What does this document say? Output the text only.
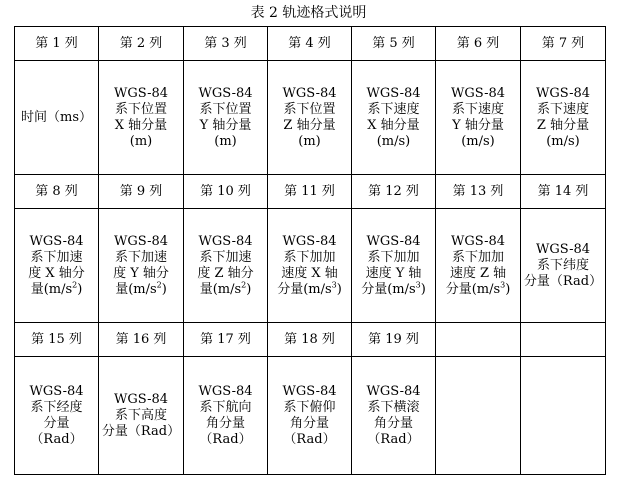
表 2 轨迹格式说明
第 1 列	第 2 列	第 3 列	第 4 列	第 5 列	第 6 列	第 7 列

时间（ms）	WGS-84
系下位置
X 轴分量
(m)	WGS-84
系下位置
Y 轴分量
(m)	WGS-84
系下位置
Z 轴分量
(m)	WGS-84
系下速度
X 轴分量
(m/s)	WGS-84
系下速度
Y 轴分量
(m/s)	WGS-84
系下速度
Z 轴分量
(m/s)

第 8 列	第 9 列	第 10 列	第 11 列	第 12 列	第 13 列	第 14 列

WGS-84
系下加速
度 X 轴分
量$(m/s^2)$	WGS-84
系下加速
度 Y 轴分
量$(m/s^2)$	WGS-84
系下加速
度 Z 轴分
量$(m/s^2)$	WGS-84
系下加加
速度 X 轴
分量$(m/s^3)$	WGS-84
系下加加
速度 Y 轴
分量$(m/s^3)$	WGS-84
系下加加
速度 Z 轴
分量$(m/s^3)$	WGS-84
系下纬度
分量（Rad）

第 15 列	第 16 列	第 17 列	第 18 列	第 19 列		

WGS-84
系下经度
分量
（Rad）	WGS-84
系下高度
分量（Rad）	WGS-84
系下航向
角分量
（Rad）	WGS-84
系下俯仰
角分量
（Rad）	WGS-84
系下横滚
角分量
（Rad）		
